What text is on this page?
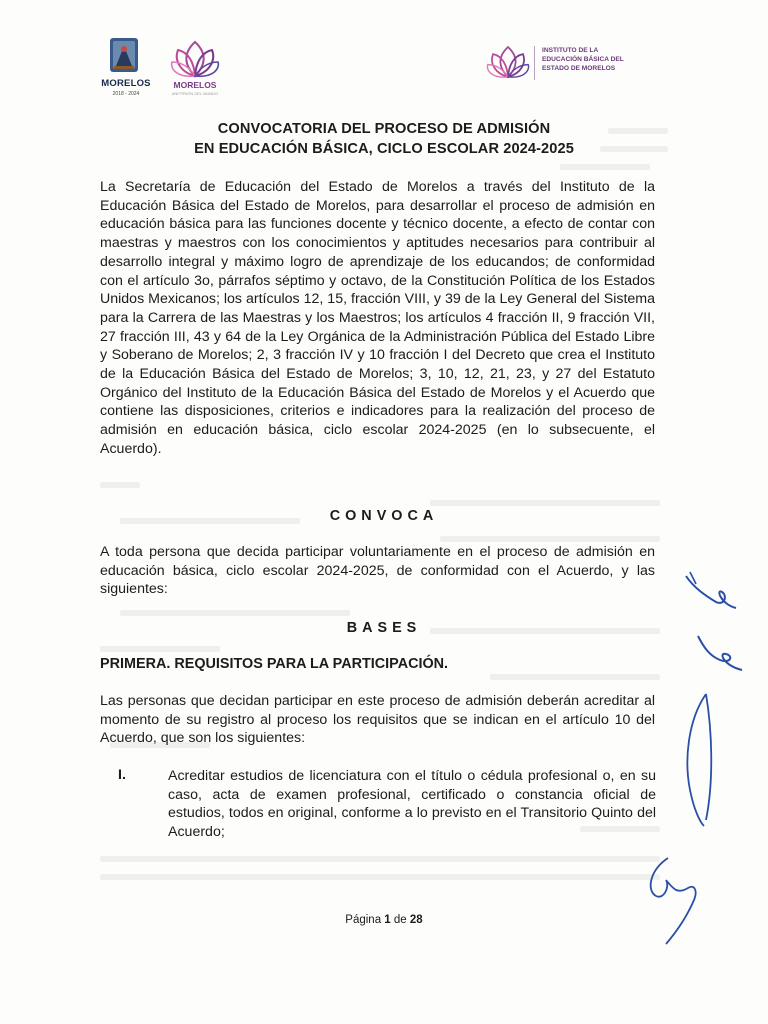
MORELOS
2018 - 2024
MORELOS
ANFITRIÓN DEL MUNDO
INSTITUTO DE LA
EDUCACIÓN BÁSICA DEL
ESTADO DE MORELOS
CONVOCATORIA DEL PROCESO DE ADMISIÓN
EN EDUCACIÓN BÁSICA, CICLO ESCOLAR 2024-2025
La Secretaría de Educación del Estado de Morelos a través del Instituto de la Educación Básica del Estado de Morelos, para desarrollar el proceso de admisión en educación básica para las funciones docente y técnico docente, a efecto de contar con maestras y maestros con los conocimientos y aptitudes necesarios para contribuir al desarrollo integral y máximo logro de aprendizaje de los educandos; de conformidad con el artículo 3o, párrafos séptimo y octavo, de la Constitución Política de los Estados Unidos Mexicanos; los artículos 12, 15, fracción VIII, y 39 de la Ley General del Sistema para la Carrera de las Maestras y los Maestros; los artículos 4 fracción II, 9 fracción VII, 27 fracción III, 43 y 64 de la Ley Orgánica de la Administración Pública del Estado Libre y Soberano de Morelos; 2, 3 fracción IV y 10 fracción I del Decreto que crea el Instituto de la Educación Básica del Estado de Morelos; 3, 10, 12, 21, 23, y 27 del Estatuto Orgánico del Instituto de la Educación Básica del Estado de Morelos y el Acuerdo que contiene las disposiciones, criterios e indicadores para la realización del proceso de admisión en educación básica, ciclo escolar 2024-2025 (en lo subsecuente, el Acuerdo).
CONVOCA
A toda persona que decida participar voluntariamente en el proceso de admisión en educación básica, ciclo escolar 2024-2025, de conformidad con el Acuerdo, y las siguientes:
BASES
PRIMERA. REQUISITOS PARA LA PARTICIPACIÓN.
Las personas que decidan participar en este proceso de admisión deberán acreditar al momento de su registro al proceso los requisitos que se indican en el artículo 10 del Acuerdo, que son los siguientes:
I.	Acreditar estudios de licenciatura con el título o cédula profesional o, en su caso, acta de examen profesional, certificado o constancia oficial de estudios, todos en original, conforme a lo previsto en el Transitorio Quinto del Acuerdo;
Página 1 de 28
